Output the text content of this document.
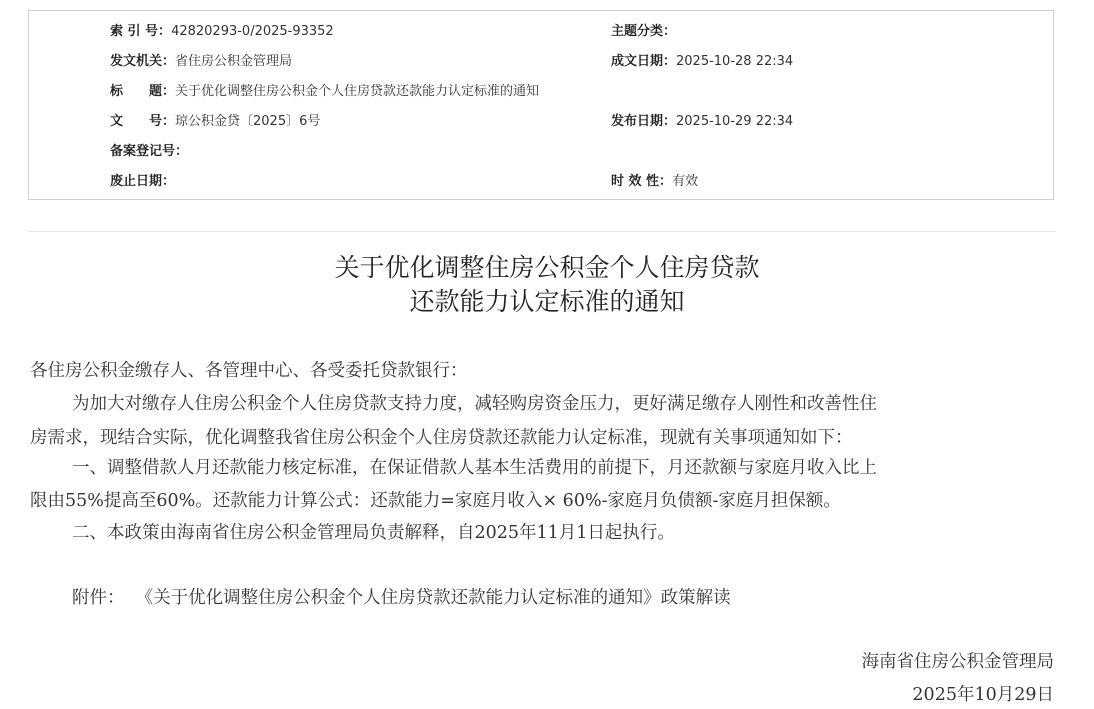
索 引 号：42820293-0/2025-93352	主题分类：
发文机关：省住房公积金管理局	成文日期：2025-10-28 22:34
标　　题：关于优化调整住房公积金个人住房贷款还款能力认定标准的通知
文　　号：琼公积金贷〔2025〕6号	发布日期：2025-10-29 22:34
备案登记号：
废止日期：	时 效 性：有效
关于优化调整住房公积金个人住房贷款
还款能力认定标准的通知
各住房公积金缴存人、各管理中心、各受委托贷款银行：
为加大对缴存人住房公积金个人住房贷款支持力度，减轻购房资金压力，更好满足缴存人刚性和改善性住
房需求，现结合实际，优化调整我省住房公积金个人住房贷款还款能力认定标准，现就有关事项通知如下：
一、调整借款人月还款能力核定标准，在保证借款人基本生活费用的前提下，月还款额与家庭月收入比上
限由55%提高至60%。还款能力计算公式：还款能力=家庭月收入× 60%-家庭月负债额-家庭月担保额。
二、本政策由海南省住房公积金管理局负责解释，自2025年11月1日起执行。
附件： 《关于优化调整住房公积金个人住房贷款还款能力认定标准的通知》政策解读
海南省住房公积金管理局
2025年10月29日
